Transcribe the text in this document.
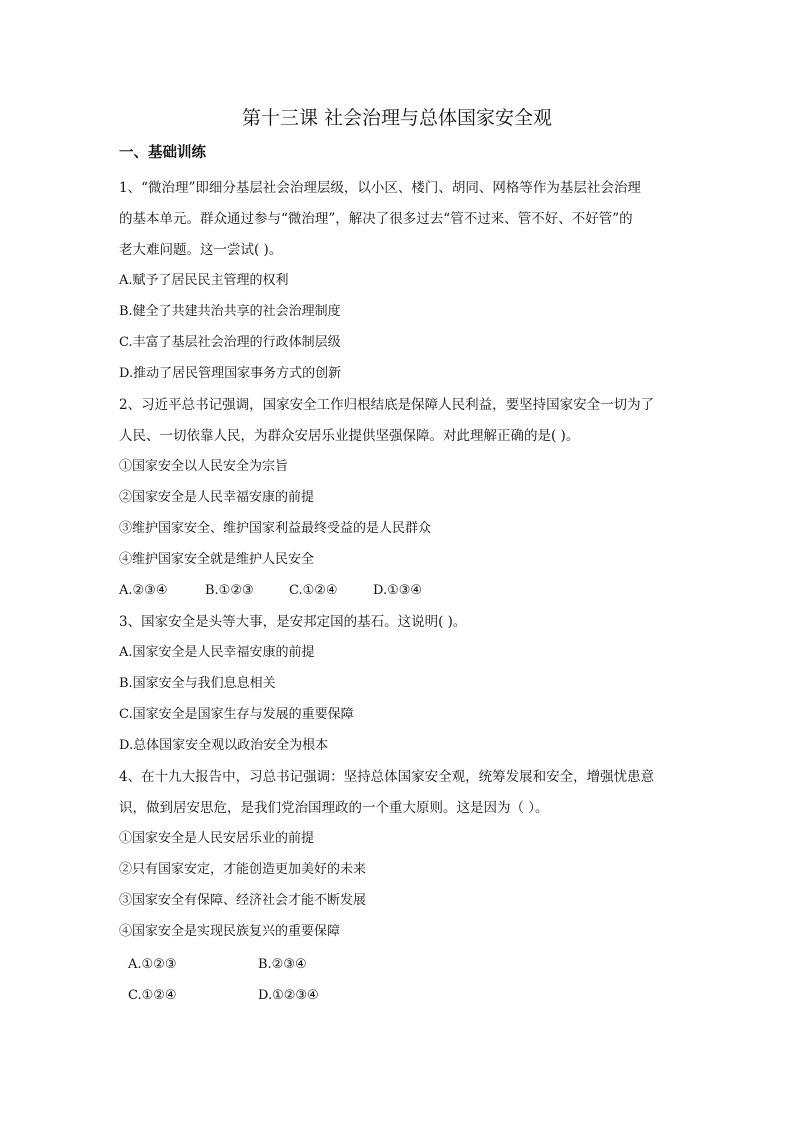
第十三课 社会治理与总体国家安全观
一、基础训练
1、“微治理”即细分基层社会治理层级，以小区、楼门、胡同、网格等作为基层社会治理
的基本单元。群众通过参与“微治理”，解决了很多过去“管不过来、管不好、不好管”的
老大难问题。这一尝试( )。
A.赋予了居民民主管理的权利
B.健全了共建共治共享的社会治理制度
C.丰富了基层社会治理的行政体制层级
D.推动了居民管理国家事务方式的创新
2、习近平总书记强调，国家安全工作归根结底是保障人民利益，要坚持国家安全一切为了
人民、一切依靠人民，为群众安居乐业提供坚强保障。对此理解正确的是( )。
①国家安全以人民安全为宗旨
②国家安全是人民幸福安康的前提
③维护国家安全、维护国家利益最终受益的是人民群众
④维护国家安全就是维护人民安全
A.②③④	B.①②③	C.①②④	D.①③④
3、国家安全是头等大事，是安邦定国的基石。这说明( )。
A.国家安全是人民幸福安康的前提
B.国家安全与我们息息相关
C.国家安全是国家生存与发展的重要保障
D.总体国家安全观以政治安全为根本
4、在十九大报告中，习总书记强调：坚持总体国家安全观，统筹发展和安全，增强忧患意
识，做到居安思危，是我们党治国理政的一个重大原则。这是因为（ ）。
①国家安全是人民安居乐业的前提
②只有国家安定，才能创造更加美好的未来
③国家安全有保障、经济社会才能不断发展
④国家安全是实现民族复兴的重要保障
A.①②③	B.②③④
C.①②④	D.①②③④
